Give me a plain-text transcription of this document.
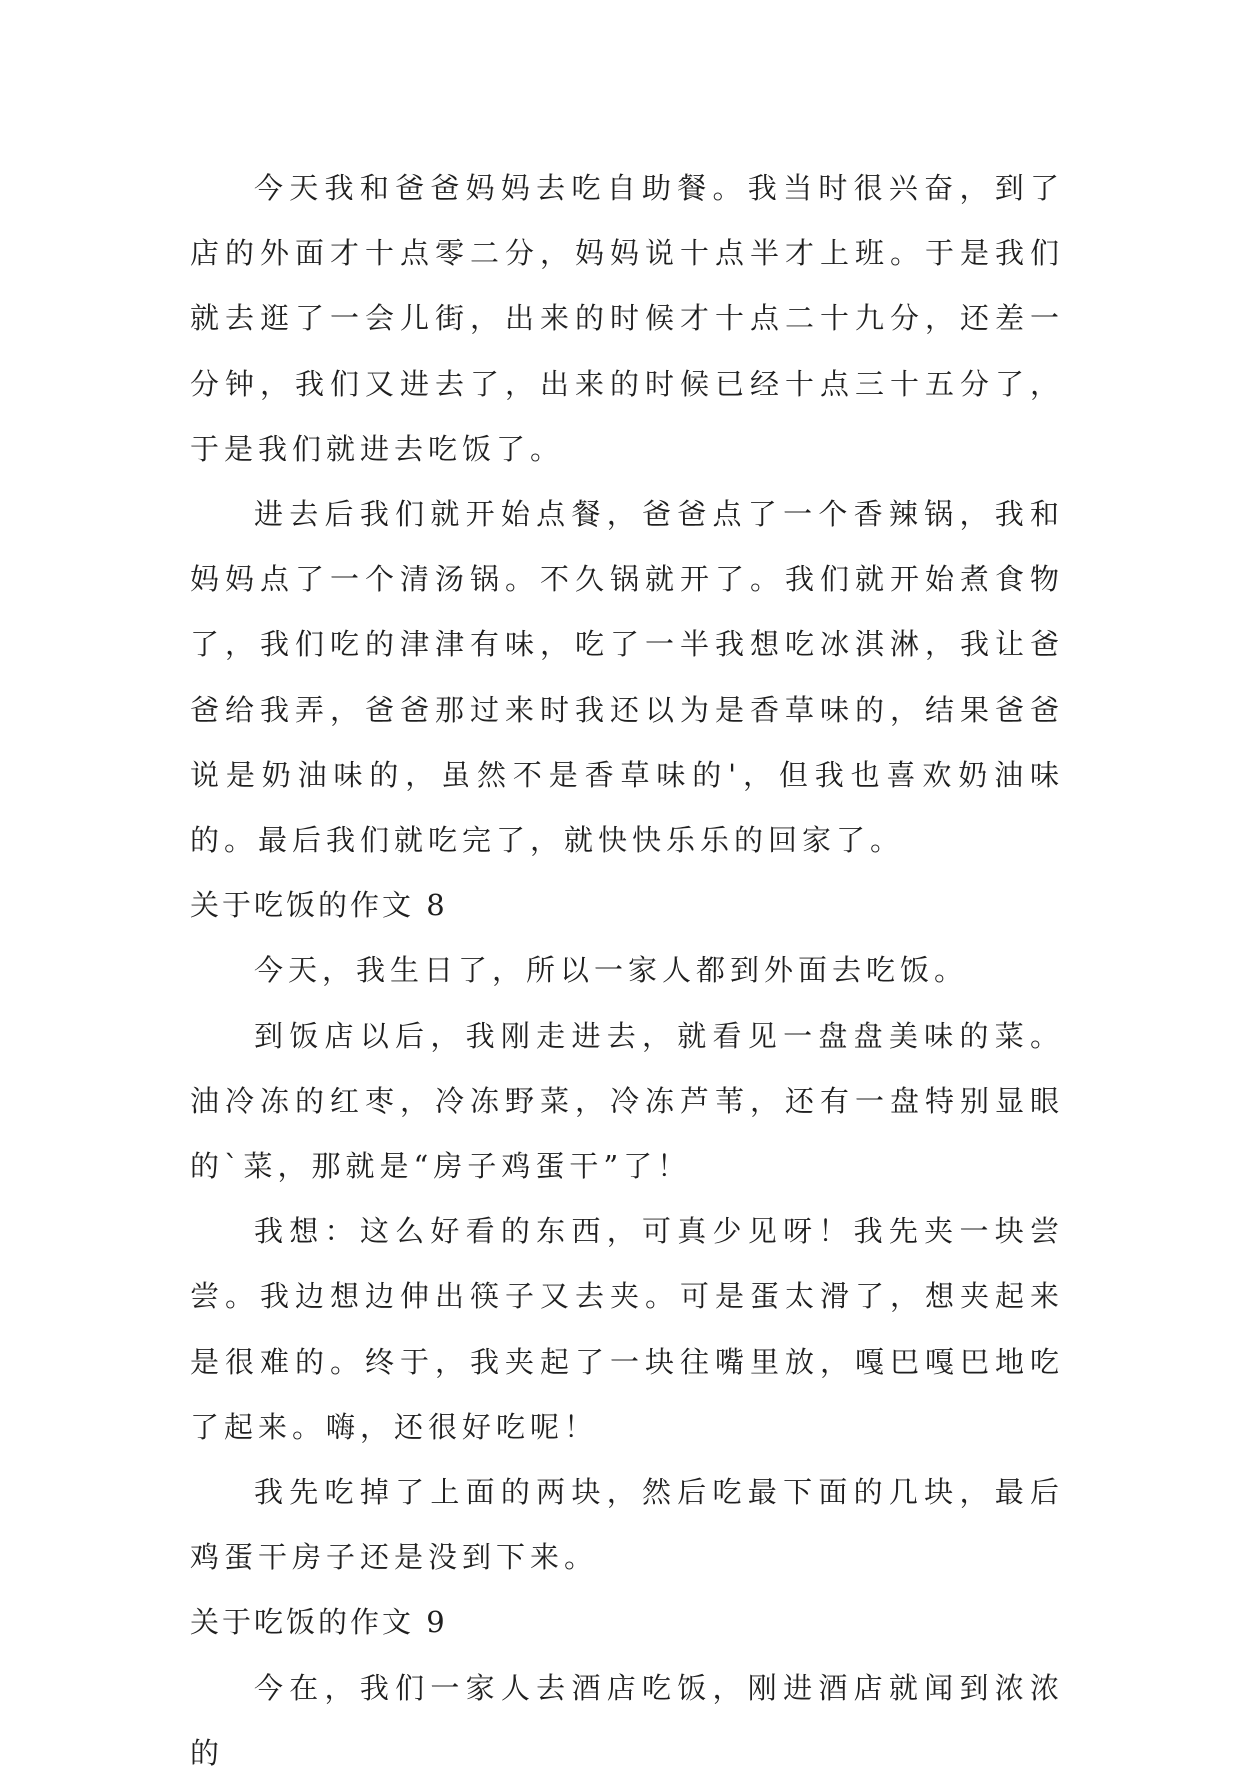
今天我和爸爸妈妈去吃自助餐。我当时很兴奋，到了店的外面才十点零二分，妈妈说十点半才上班。于是我们就去逛了一会儿街，出来的时候才十点二十九分，还差一分钟，我们又进去了，出来的时候已经十点三十五分了，于是我们就进去吃饭了。

进去后我们就开始点餐，爸爸点了一个香辣锅，我和妈妈点了一个清汤锅。不久锅就开了。我们就开始煮食物了，我们吃的津津有味，吃了一半我想吃冰淇淋，我让爸爸给我弄，爸爸那过来时我还以为是香草味的，结果爸爸说是奶油味的，虽然不是香草味的'，但我也喜欢奶油味的。最后我们就吃完了，就快快乐乐的回家了。

关于吃饭的作文 8

今天，我生日了，所以一家人都到外面去吃饭。

到饭店以后，我刚走进去，就看见一盘盘美味的菜。油冷冻的红枣，冷冻野菜，冷冻芦苇，还有一盘特别显眼的`菜，那就是“房子鸡蛋干”了！

我想：这么好看的东西，可真少见呀！我先夹一块尝尝。我边想边伸出筷子又去夹。可是蛋太滑了，想夹起来是很难的。终于，我夹起了一块往嘴里放，嘎巴嘎巴地吃了起来。嗨，还很好吃呢！

我先吃掉了上面的两块，然后吃最下面的几块，最后鸡蛋干房子还是没到下来。

关于吃饭的作文 9

今在，我们一家人去酒店吃饭，刚进酒店就闻到浓浓的
